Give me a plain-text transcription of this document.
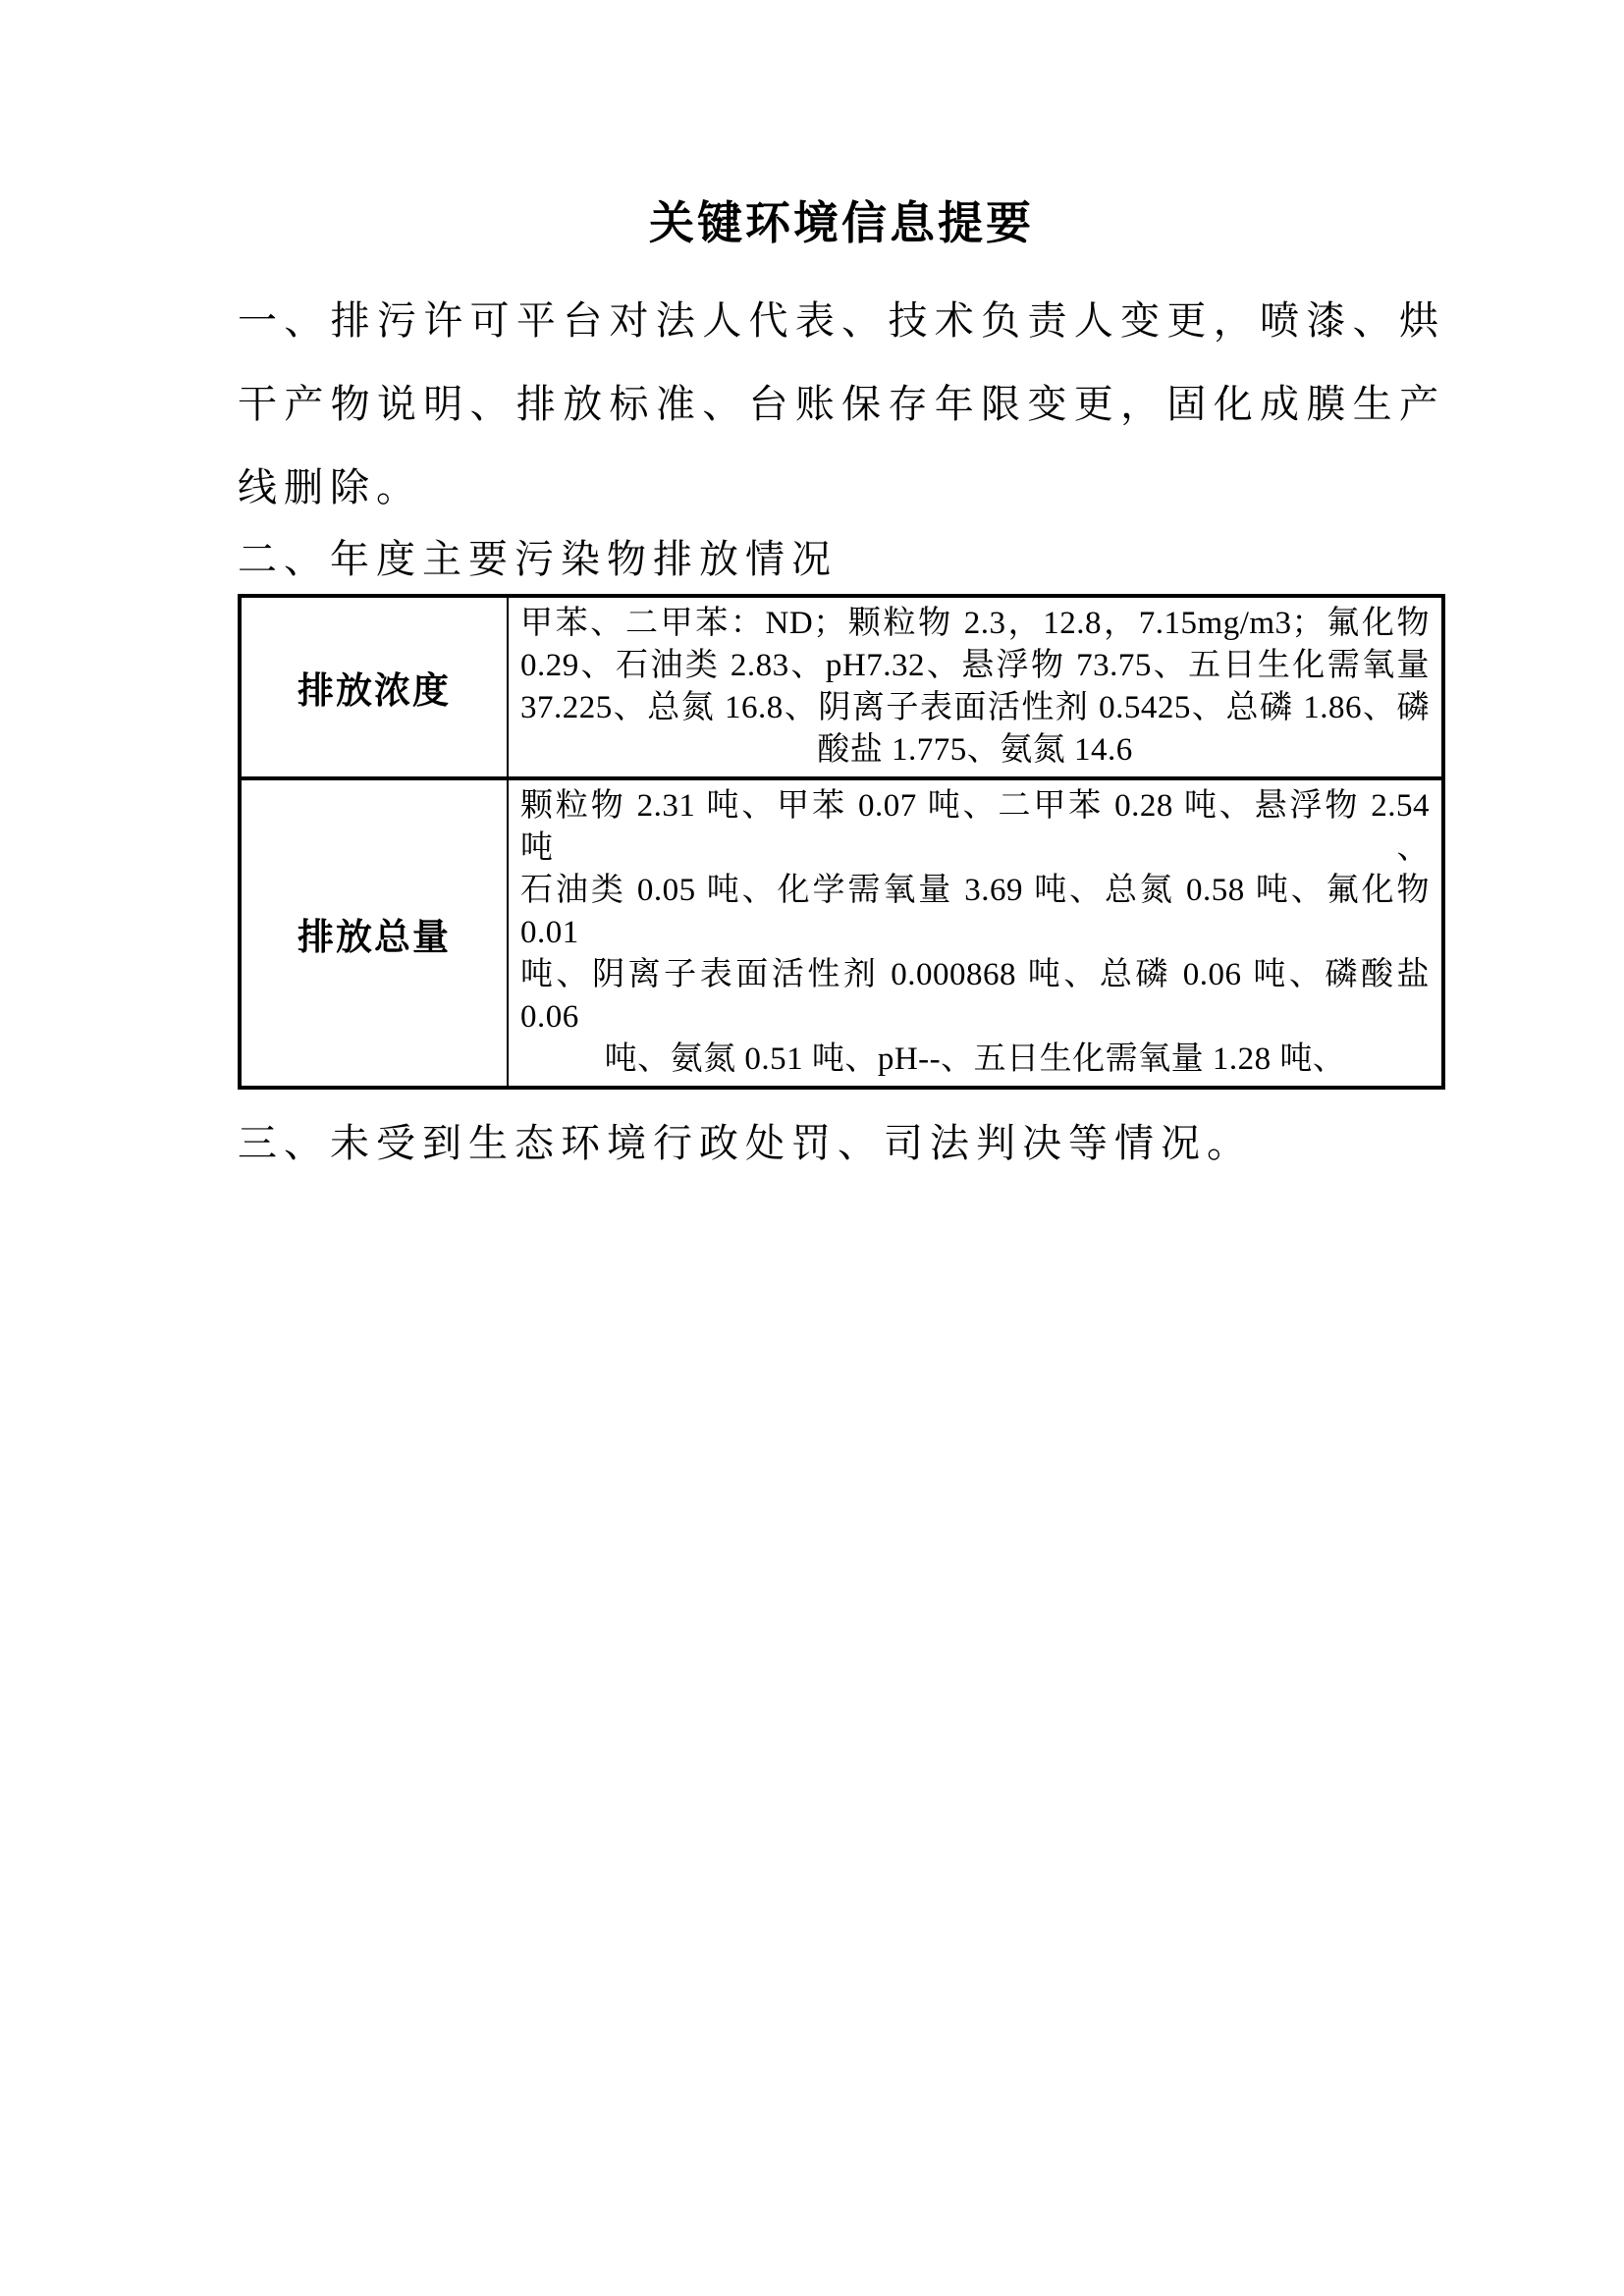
关键环境信息提要

一、排污许可平台对法人代表、技术负责人变更，喷漆、烘干产物说明、排放标准、台账保存年限变更，固化成膜生产线删除。

二、年度主要污染物排放情况

排放浓度	甲苯、二甲苯：ND；颗粒物 2.3，12.8，7.15mg/m3；氟化物
0.29、石油类 2.83、pH7.32、悬浮物 73.75、五日生化需氧量
37.225、总氮 16.8、阴离子表面活性剂 0.5425、总磷 1.86、磷
酸盐 1.775、氨氮 14.6

排放总量	颗粒物 2.31 吨、甲苯 0.07 吨、二甲苯 0.28 吨、悬浮物 2.54 吨、
石油类 0.05 吨、化学需氧量 3.69 吨、总氮 0.58 吨、氟化物 0.01
吨、阴离子表面活性剂 0.000868 吨、总磷 0.06 吨、磷酸盐 0.06
吨、氨氮 0.51 吨、pH--、五日生化需氧量 1.28 吨、

三、未受到生态环境行政处罚、司法判决等情况。
